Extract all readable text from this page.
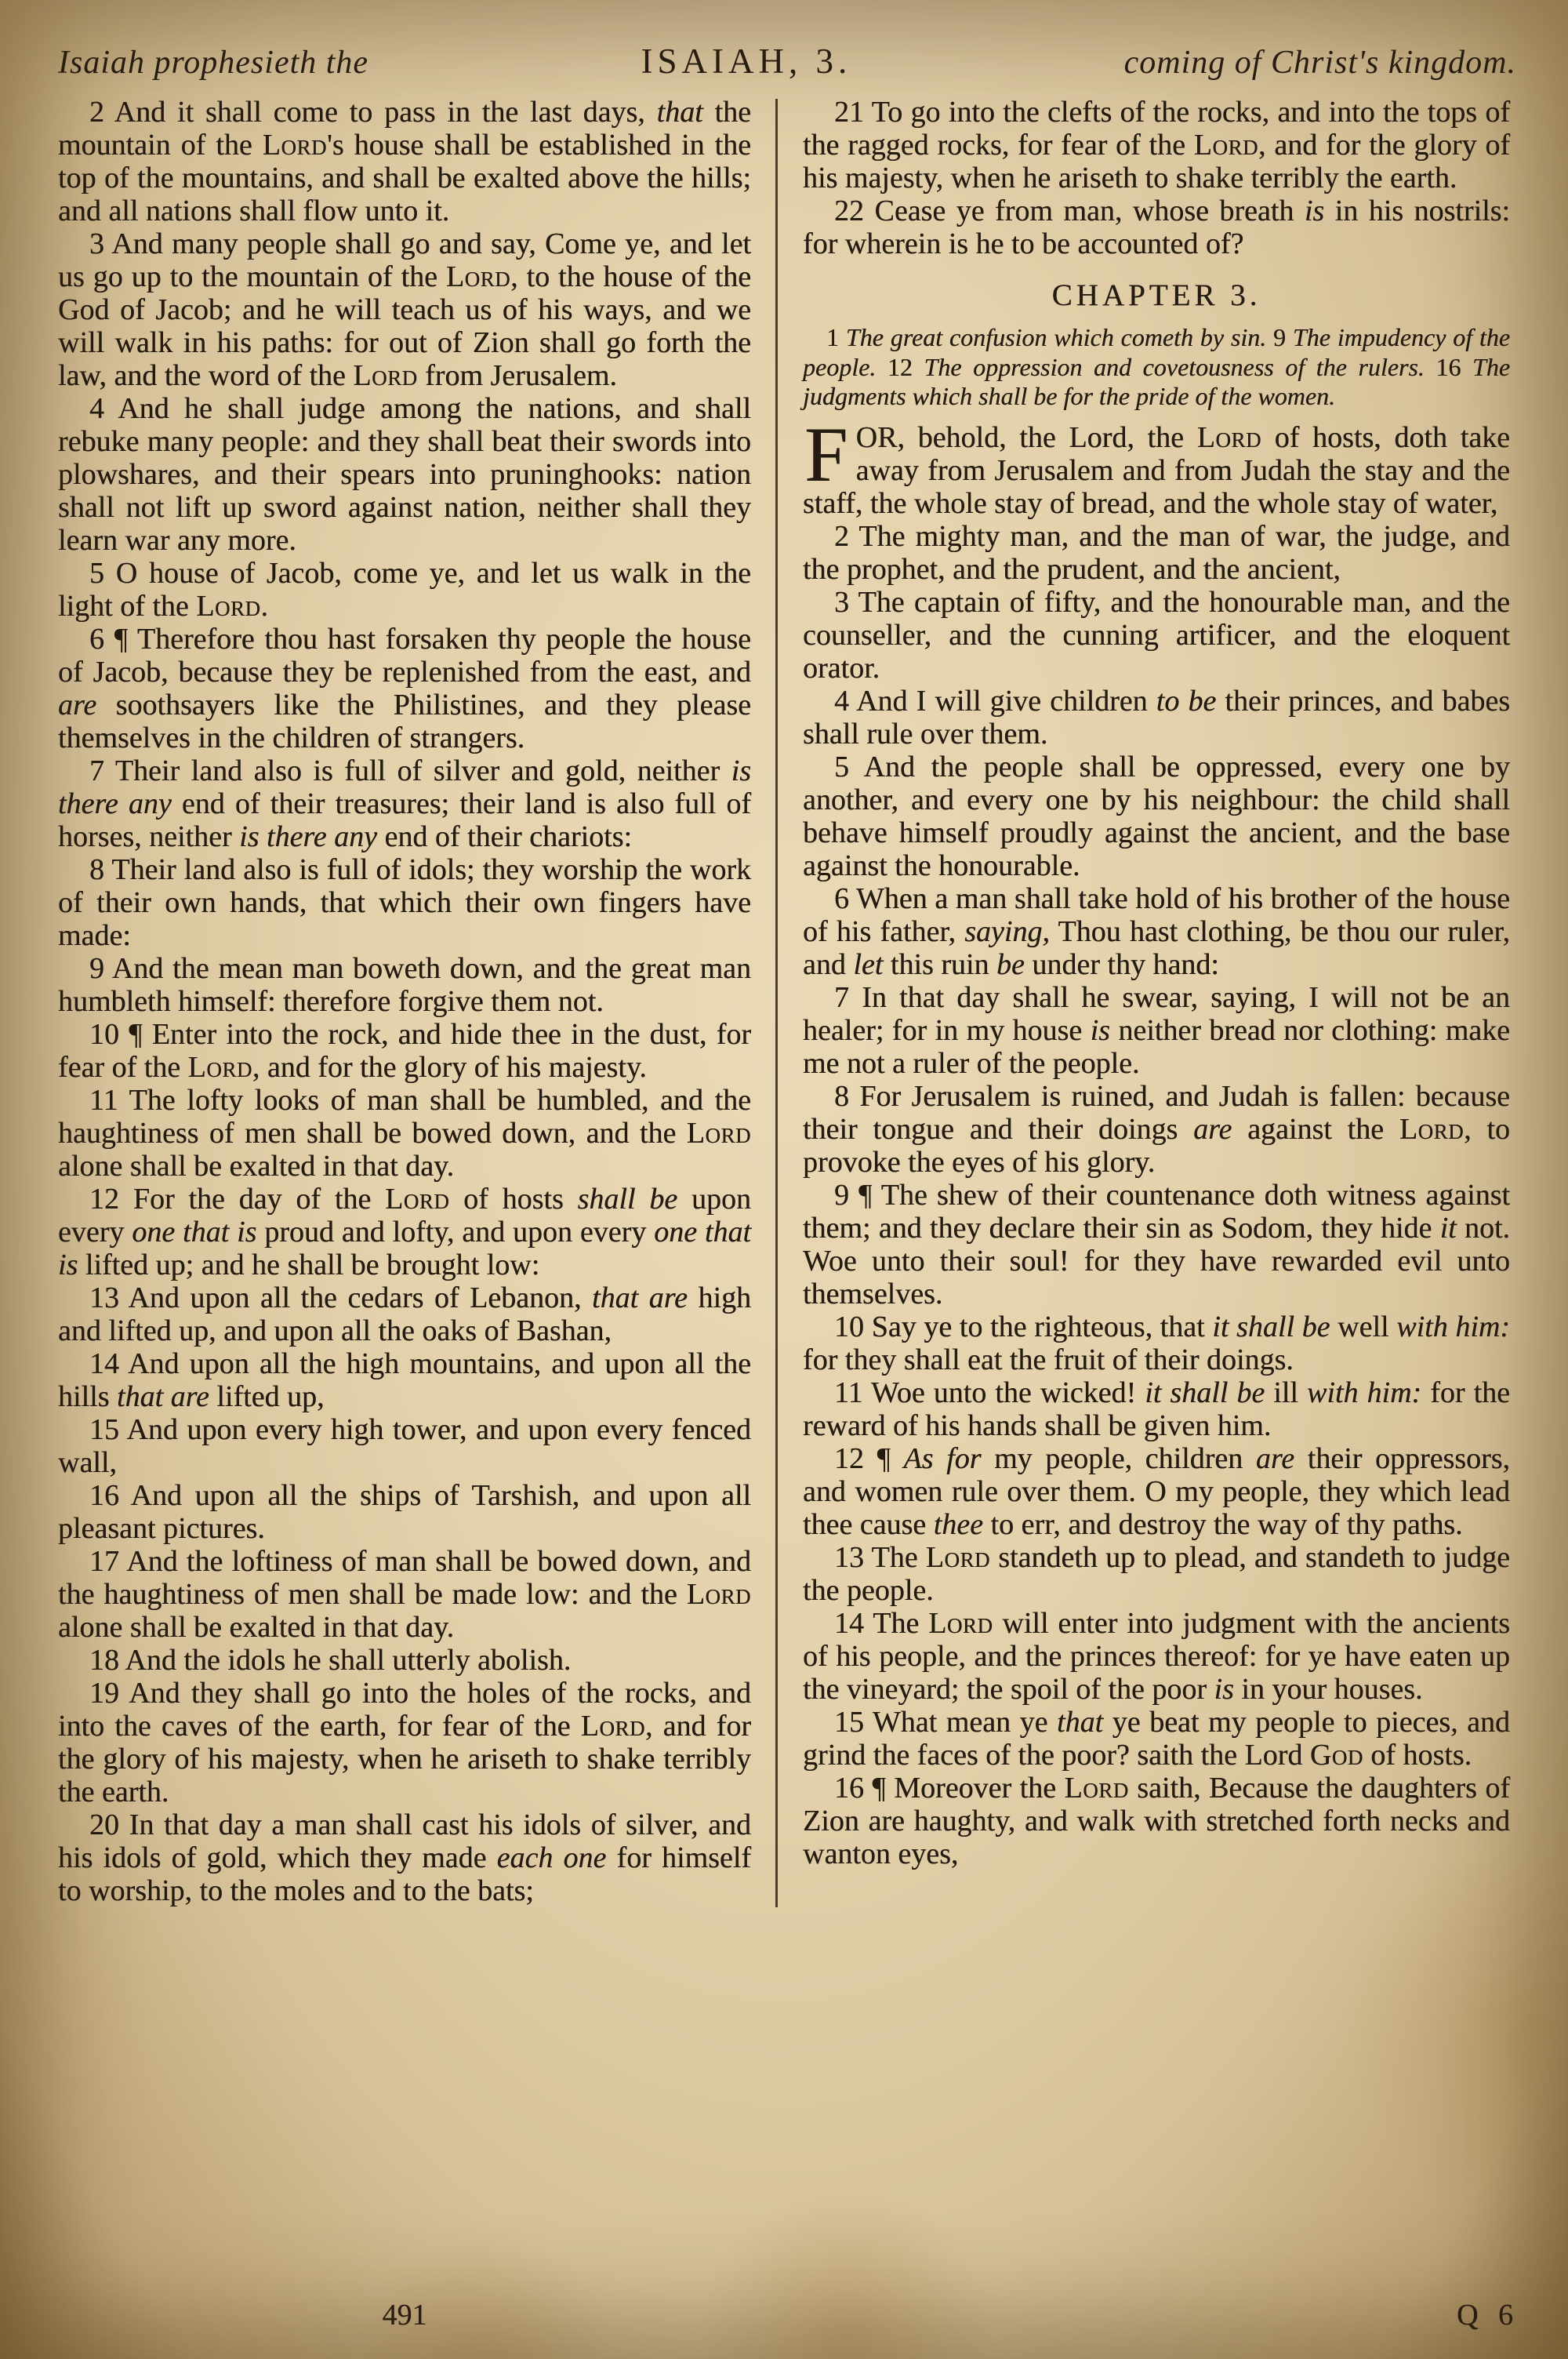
Isaiah prophesieth the	ISAIAH, 3.	coming of Christ's kingdom.

2 And it shall come to pass in the last days, that the mountain of the Lord's house shall be established in the top of the mountains, and shall be exalted above the hills; and all nations shall flow unto it.

3 And many people shall go and say, Come ye, and let us go up to the mountain of the Lord, to the house of the God of Jacob; and he will teach us of his ways, and we will walk in his paths: for out of Zion shall go forth the law, and the word of the Lord from Jerusalem.

4 And he shall judge among the nations, and shall rebuke many people: and they shall beat their swords into plowshares, and their spears into pruninghooks: nation shall not lift up sword against nation, neither shall they learn war any more.

5 O house of Jacob, come ye, and let us walk in the light of the Lord.

6 ¶ Therefore thou hast forsaken thy people the house of Jacob, because they be replenished from the east, and are soothsayers like the Philistines, and they please themselves in the children of strangers.

7 Their land also is full of silver and gold, neither is there any end of their treasures; their land is also full of horses, neither is there any end of their chariots:

8 Their land also is full of idols; they worship the work of their own hands, that which their own fingers have made:

9 And the mean man boweth down, and the great man humbleth himself: therefore forgive them not.

10 ¶ Enter into the rock, and hide thee in the dust, for fear of the Lord, and for the glory of his majesty.

11 The lofty looks of man shall be humbled, and the haughtiness of men shall be bowed down, and the Lord alone shall be exalted in that day.

12 For the day of the Lord of hosts shall be upon every one that is proud and lofty, and upon every one that is lifted up; and he shall be brought low:

13 And upon all the cedars of Lebanon, that are high and lifted up, and upon all the oaks of Bashan,

14 And upon all the high mountains, and upon all the hills that are lifted up,

15 And upon every high tower, and upon every fenced wall,

16 And upon all the ships of Tarshish, and upon all pleasant pictures.

17 And the loftiness of man shall be bowed down, and the haughtiness of men shall be made low: and the Lord alone shall be exalted in that day.

18 And the idols he shall utterly abolish.

19 And they shall go into the holes of the rocks, and into the caves of the earth, for fear of the Lord, and for the glory of his majesty, when he ariseth to shake terribly the earth.

20 In that day a man shall cast his idols of silver, and his idols of gold, which they made each one for himself to worship, to the moles and to the bats;

21 To go into the clefts of the rocks, and into the tops of the ragged rocks, for fear of the Lord, and for the glory of his majesty, when he ariseth to shake terribly the earth.

22 Cease ye from man, whose breath is in his nostrils: for wherein is he to be accounted of?

CHAPTER 3.

1 The great confusion which cometh by sin. 9 The impudency of the people. 12 The oppression and covetousness of the rulers. 16 The judgments which shall be for the pride of the women.

FOR, behold, the Lord, the Lord of hosts, doth take away from Jerusalem and from Judah the stay and the staff, the whole stay of bread, and the whole stay of water,

2 The mighty man, and the man of war, the judge, and the prophet, and the prudent, and the ancient,

3 The captain of fifty, and the honourable man, and the counseller, and the cunning artificer, and the eloquent orator.

4 And I will give children to be their princes, and babes shall rule over them.

5 And the people shall be oppressed, every one by another, and every one by his neighbour: the child shall behave himself proudly against the ancient, and the base against the honourable.

6 When a man shall take hold of his brother of the house of his father, saying, Thou hast clothing, be thou our ruler, and let this ruin be under thy hand:

7 In that day shall he swear, saying, I will not be an healer; for in my house is neither bread nor clothing: make me not a ruler of the people.

8 For Jerusalem is ruined, and Judah is fallen: because their tongue and their doings are against the Lord, to provoke the eyes of his glory.

9 ¶ The shew of their countenance doth witness against them; and they declare their sin as Sodom, they hide it not. Woe unto their soul! for they have rewarded evil unto themselves.

10 Say ye to the righteous, that it shall be well with him: for they shall eat the fruit of their doings.

11 Woe unto the wicked! it shall be ill with him: for the reward of his hands shall be given him.

12 ¶ As for my people, children are their oppressors, and women rule over them. O my people, they which lead thee cause thee to err, and destroy the way of thy paths.

13 The Lord standeth up to plead, and standeth to judge the people.

14 The Lord will enter into judgment with the ancients of his people, and the princes thereof: for ye have eaten up the vineyard; the spoil of the poor is in your houses.

15 What mean ye that ye beat my people to pieces, and grind the faces of the poor? saith the Lord God of hosts.

16 ¶ Moreover the Lord saith, Because the daughters of Zion are haughty, and walk with stretched forth necks and wanton eyes,

491	Q 6
